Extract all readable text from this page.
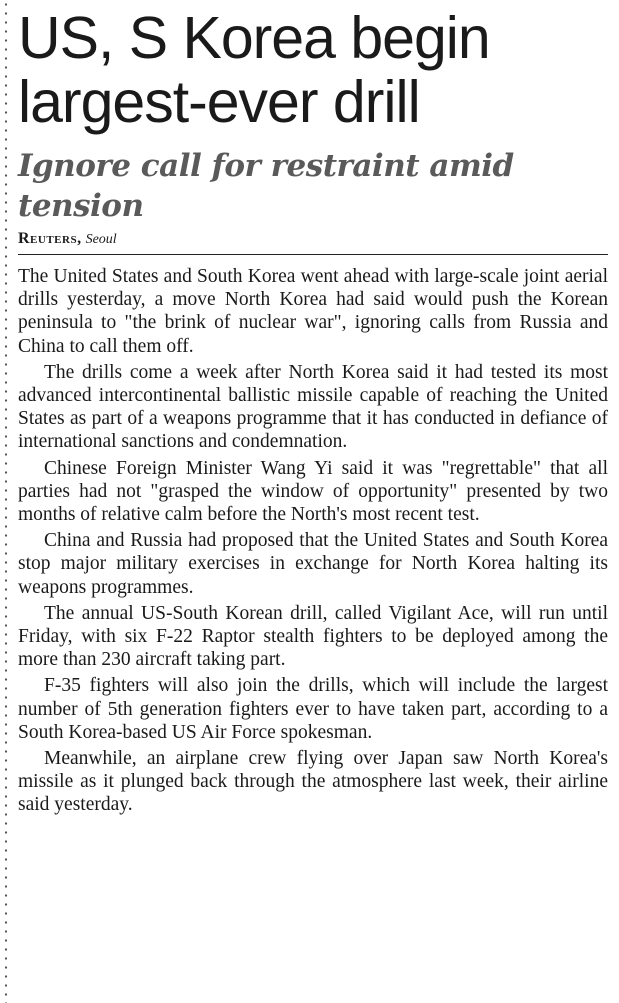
US, S Korea begin largest-ever drill
Ignore call for restraint amid tension
Reuters, Seoul

The United States and South Korea went ahead with large-scale joint aerial drills yesterday, a move North Korea had said would push the Korean peninsula to "the brink of nuclear war", ignoring calls from Russia and China to call them off.

The drills come a week after North Korea said it had tested its most advanced intercontinental ballistic missile capable of reaching the United States as part of a weapons programme that it has conducted in defiance of international sanctions and condemnation.

Chinese Foreign Minister Wang Yi said it was "regrettable" that all parties had not "grasped the window of opportunity" presented by two months of relative calm before the North's most recent test.

China and Russia had proposed that the United States and South Korea stop major military exercises in exchange for North Korea halting its weapons programmes.

The annual US-South Korean drill, called Vigilant Ace, will run until Friday, with six F-22 Raptor stealth fighters to be deployed among the more than 230 aircraft taking part.

F-35 fighters will also join the drills, which will include the largest number of 5th generation fighters ever to have taken part, according to a South Korea-based US Air Force spokesman.

Meanwhile, an airplane crew flying over Japan saw North Korea's missile as it plunged back through the atmosphere last week, their airline said yesterday.
